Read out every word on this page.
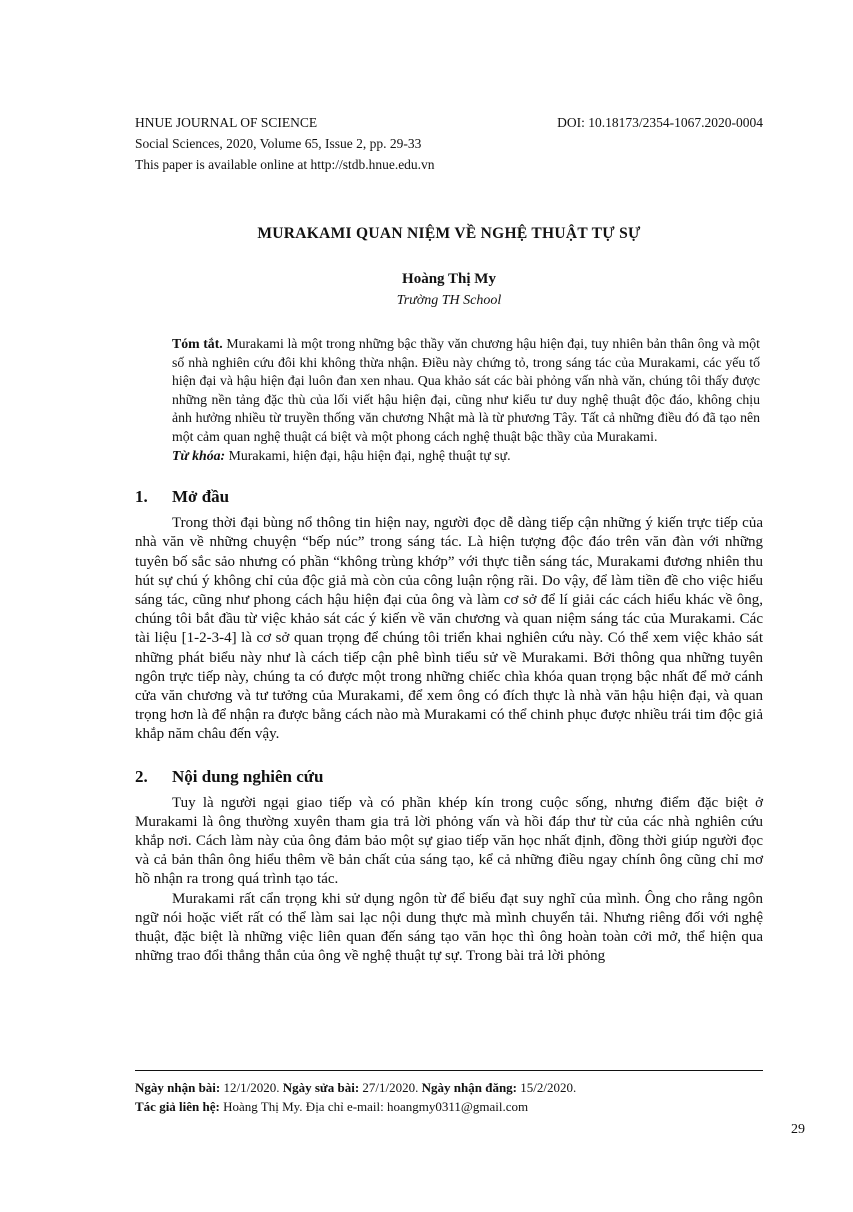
HNUE JOURNAL OF SCIENCE	DOI: 10.18173/2354-1067.2020-0004
Social Sciences, 2020, Volume 65, Issue 2, pp. 29-33
This paper is available online at http://stdb.hnue.edu.vn
MURAKAMI QUAN NIỆM VỀ NGHỆ THUẬT TỰ SỰ
Hoàng Thị My
Trường TH School

Tóm tắt. Murakami là một trong những bậc thầy văn chương hậu hiện đại, tuy nhiên bản thân ông và một số nhà nghiên cứu đôi khi không thừa nhận. Điều này chứng tỏ, trong sáng tác của Murakami, các yếu tố hiện đại và hậu hiện đại luôn đan xen nhau. Qua khảo sát các bài phỏng vấn nhà văn, chúng tôi thấy được những nền tảng đặc thù của lối viết hậu hiện đại, cũng như kiểu tư duy nghệ thuật độc đáo, không chịu ảnh hưởng nhiều từ truyền thống văn chương Nhật mà là từ phương Tây. Tất cả những điều đó đã tạo nên một cảm quan nghệ thuật cá biệt và một phong cách nghệ thuật bậc thầy của Murakami.

Từ khóa: Murakami, hiện đại, hậu hiện đại, nghệ thuật tự sự.

1. Mở đầu

Trong thời đại bùng nổ thông tin hiện nay, người đọc dễ dàng tiếp cận những ý kiến trực tiếp của nhà văn về những chuyện “bếp núc” trong sáng tác. Là hiện tượng độc đáo trên văn đàn với những tuyên bố sắc sảo nhưng có phần “không trùng khớp” với thực tiễn sáng tác, Murakami đương nhiên thu hút sự chú ý không chỉ của độc giả mà còn của công luận rộng rãi. Do vậy, để làm tiền đề cho việc hiểu sáng tác, cũng như phong cách hậu hiện đại của ông và làm cơ sở để lí giải các cách hiểu khác về ông, chúng tôi bắt đầu từ việc khảo sát các ý kiến về văn chương và quan niệm sáng tác của Murakami. Các tài liệu [1-2-3-4] là cơ sở quan trọng để chúng tôi triển khai nghiên cứu này. Có thể xem việc khảo sát những phát biểu này như là cách tiếp cận phê bình tiểu sử về Murakami. Bởi thông qua những tuyên ngôn trực tiếp này, chúng ta có được một trong những chiếc chìa khóa quan trọng bậc nhất để mở cánh cửa văn chương và tư tưởng của Murakami, để xem ông có đích thực là nhà văn hậu hiện đại, và quan trọng hơn là để nhận ra được bằng cách nào mà Murakami có thể chinh phục được nhiều trái tim độc giả khắp năm châu đến vậy.

2. Nội dung nghiên cứu

Tuy là người ngại giao tiếp và có phần khép kín trong cuộc sống, nhưng điểm đặc biệt ở Murakami là ông thường xuyên tham gia trả lời phỏng vấn và hồi đáp thư từ của các nhà nghiên cứu khắp nơi. Cách làm này của ông đảm bảo một sự giao tiếp văn học nhất định, đồng thời giúp người đọc và cả bản thân ông hiểu thêm về bản chất của sáng tạo, kể cả những điều ngay chính ông cũng chỉ mơ hồ nhận ra trong quá trình tạo tác.

Murakami rất cẩn trọng khi sử dụng ngôn từ để biểu đạt suy nghĩ của mình. Ông cho rằng ngôn ngữ nói hoặc viết rất có thể làm sai lạc nội dung thực mà mình chuyển tải. Nhưng riêng đối với nghệ thuật, đặc biệt là những việc liên quan đến sáng tạo văn học thì ông hoàn toàn cởi mở, thể hiện qua những trao đổi thẳng thắn của ông về nghệ thuật tự sự. Trong bài trả lời phỏng

Ngày nhận bài: 12/1/2020. Ngày sửa bài: 27/1/2020. Ngày nhận đăng: 15/2/2020.

Tác giả liên hệ: Hoàng Thị My. Địa chỉ e-mail: hoangmy0311@gmail.com

29
